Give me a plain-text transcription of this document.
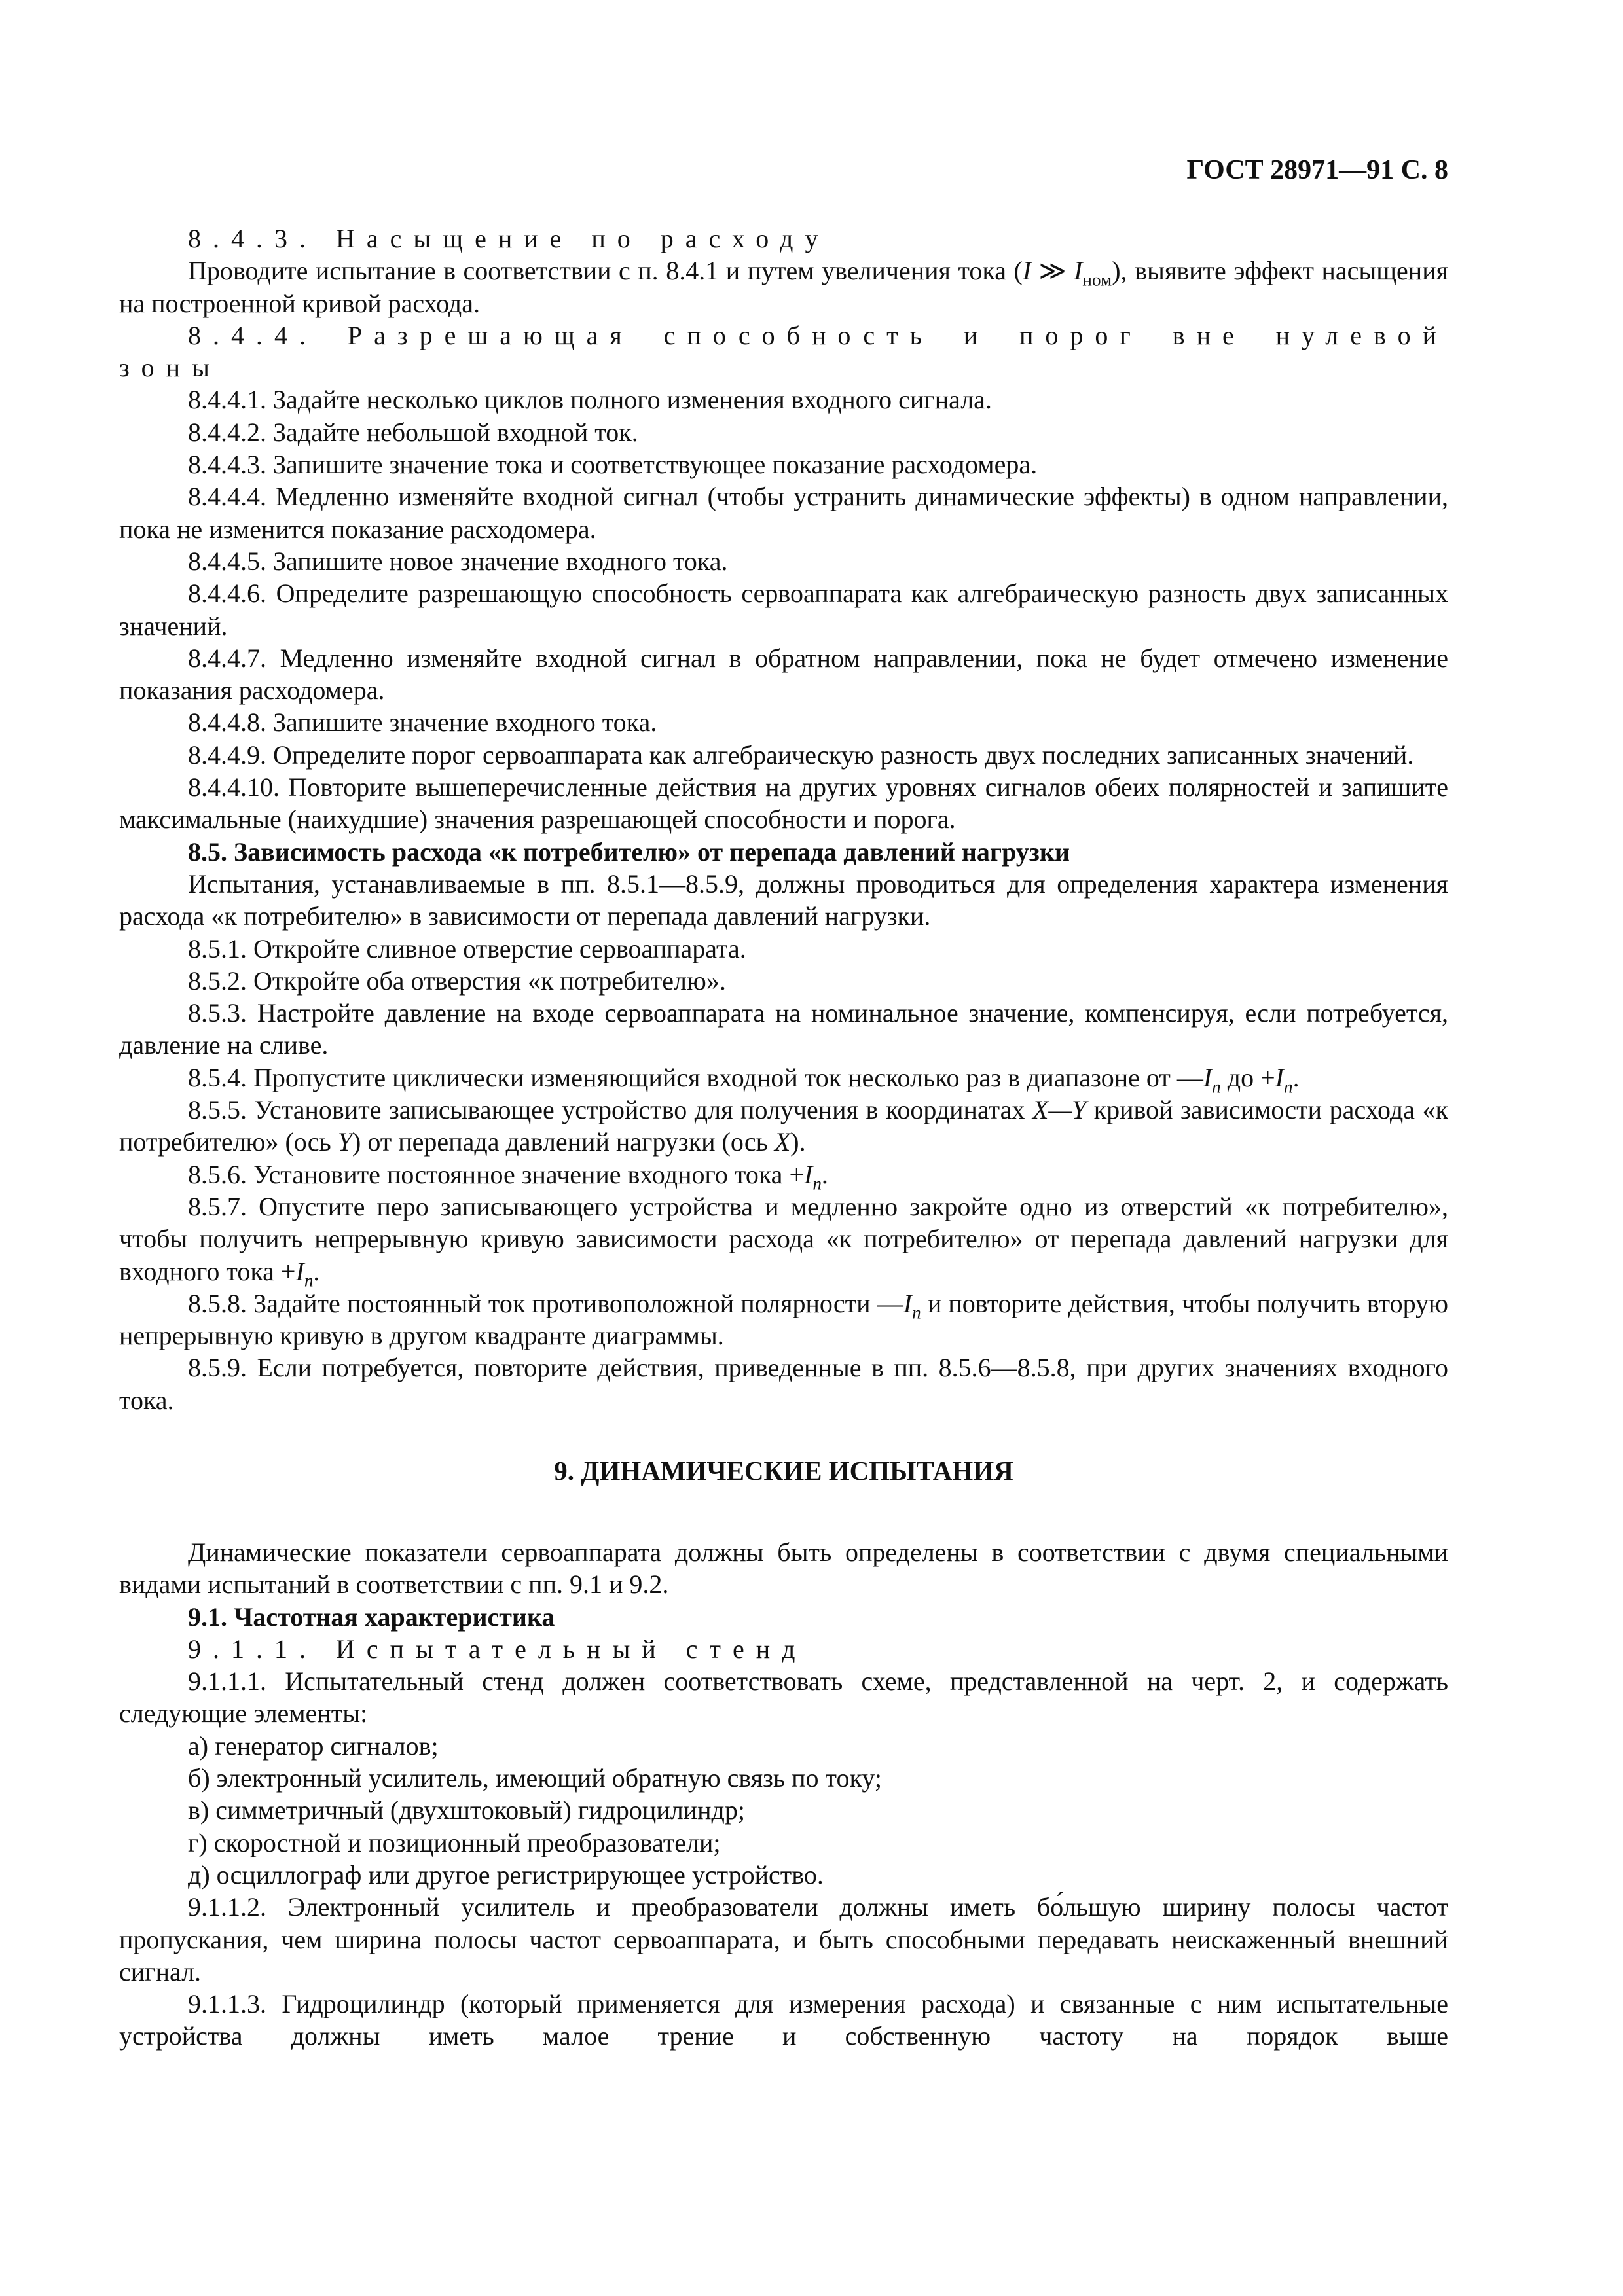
ГОСТ 28971—91 С. 8

8.4.3. Насыщение по расходу

Проводите испытание в соответствии с п. 8.4.1 и путем увеличения тока (I ≫ $I_{ном}$), выявите эффект насыщения на построенной кривой расхода.

8.4.4. Разрешающая способность и порог вне нулевой зоны

8.4.4.1. Задайте несколько циклов полного изменения входного сигнала.

8.4.4.2. Задайте небольшой входной ток.

8.4.4.3. Запишите значение тока и соответствующее показание расходомера.

8.4.4.4. Медленно изменяйте входной сигнал (чтобы устранить динамические эффекты) в одном направлении, пока не изменится показание расходомера.

8.4.4.5. Запишите новое значение входного тока.

8.4.4.6. Определите разрешающую способность сервоаппарата как алгебраическую разность двух записанных значений.

8.4.4.7. Медленно изменяйте входной сигнал в обратном направлении, пока не будет отмечено изменение показания расходомера.

8.4.4.8. Запишите значение входного тока.

8.4.4.9. Определите порог сервоаппарата как алгебраическую разность двух последних записанных значений.

8.4.4.10. Повторите вышеперечисленные действия на других уровнях сигналов обеих полярностей и запишите максимальные (наихудшие) значения разрешающей способности и порога.

8.5. Зависимость расхода «к потребителю» от перепада давлений нагрузки

Испытания, устанавливаемые в пп. 8.5.1—8.5.9, должны проводиться для определения характера изменения расхода «к потребителю» в зависимости от перепада давлений нагрузки.

8.5.1. Откройте сливное отверстие сервоаппарата.

8.5.2. Откройте оба отверстия «к потребителю».

8.5.3. Настройте давление на входе сервоаппарата на номинальное значение, компенсируя, если потребуется, давление на сливе.

8.5.4. Пропустите циклически изменяющийся входной ток несколько раз в диапазоне от $—I_n$ до $+I_n$.

8.5.5. Установите записывающее устройство для получения в координатах X—Y кривой зависимости расхода «к потребителю» (ось Y) от перепада давлений нагрузки (ось X).

8.5.6. Установите постоянное значение входного тока $+I_n$.

8.5.7. Опустите перо записывающего устройства и медленно закройте одно из отверстий «к потребителю», чтобы получить непрерывную кривую зависимости расхода «к потребителю» от перепада давлений нагрузки для входного тока $+I_n$.

8.5.8. Задайте постоянный ток противоположной полярности $—I_n$ и повторите действия, чтобы получить вторую непрерывную кривую в другом квадранте диаграммы.

8.5.9. Если потребуется, повторите действия, приведенные в пп. 8.5.6—8.5.8, при других значениях входного тока.

9. ДИНАМИЧЕСКИЕ ИСПЫТАНИЯ

Динамические показатели сервоаппарата должны быть определены в соответствии с двумя специальными видами испытаний в соответствии с пп. 9.1 и 9.2.

9.1. Частотная характеристика

9.1.1. Испытательный стенд

9.1.1.1. Испытательный стенд должен соответствовать схеме, представленной на черт. 2, и содержать следующие элементы:

а) генератор сигналов;

б) электронный усилитель, имеющий обратную связь по току;

в) симметричный (двухштоковый) гидроцилиндр;

г) скоростной и позиционный преобразователи;

д) осциллограф или другое регистрирующее устройство.

9.1.1.2. Электронный усилитель и преобразователи должны иметь бо́льшую ширину полосы частот пропускания, чем ширина полосы частот сервоаппарата, и быть способными передавать неискаженный внешний сигнал.

9.1.1.3. Гидроцилиндр (который применяется для измерения расхода) и связанные с ним испытательные устройства должны иметь малое трение и собственную частоту на порядок выше
